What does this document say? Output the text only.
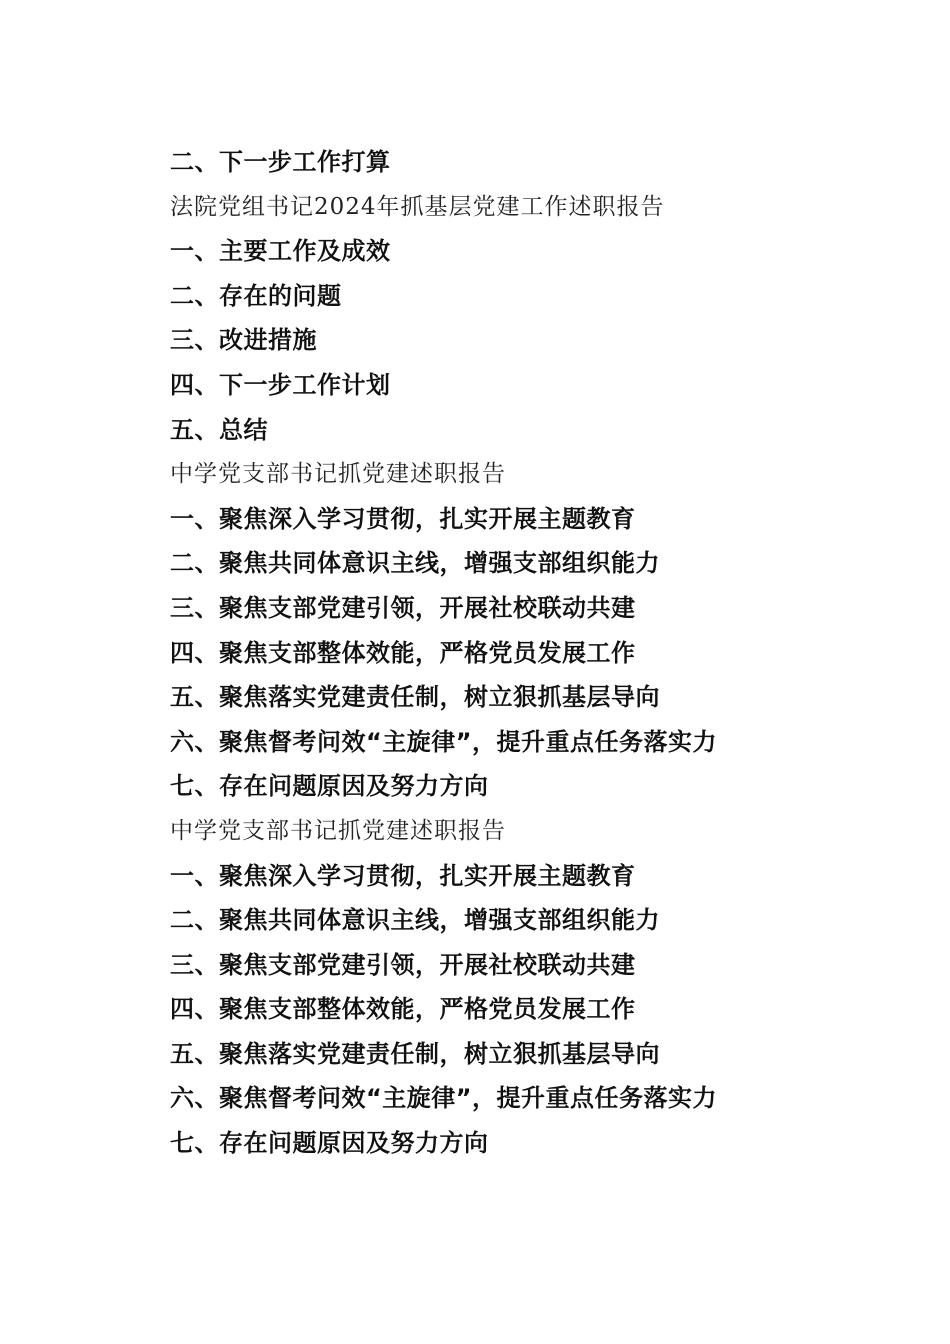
二、下一步工作打算
法院党组书记2024年抓基层党建工作述职报告
一、主要工作及成效
二、存在的问题
三、改进措施
四、下一步工作计划
五、总结
中学党支部书记抓党建述职报告
一、聚焦深入学习贯彻，扎实开展主题教育
二、聚焦共同体意识主线，增强支部组织能力
三、聚焦支部党建引领，开展社校联动共建
四、聚焦支部整体效能，严格党员发展工作
五、聚焦落实党建责任制，树立狠抓基层导向
六、聚焦督考问效“主旋律”，提升重点任务落实力
七、存在问题原因及努力方向
中学党支部书记抓党建述职报告
一、聚焦深入学习贯彻，扎实开展主题教育
二、聚焦共同体意识主线，增强支部组织能力
三、聚焦支部党建引领，开展社校联动共建
四、聚焦支部整体效能，严格党员发展工作
五、聚焦落实党建责任制，树立狠抓基层导向
六、聚焦督考问效“主旋律”，提升重点任务落实力
七、存在问题原因及努力方向
